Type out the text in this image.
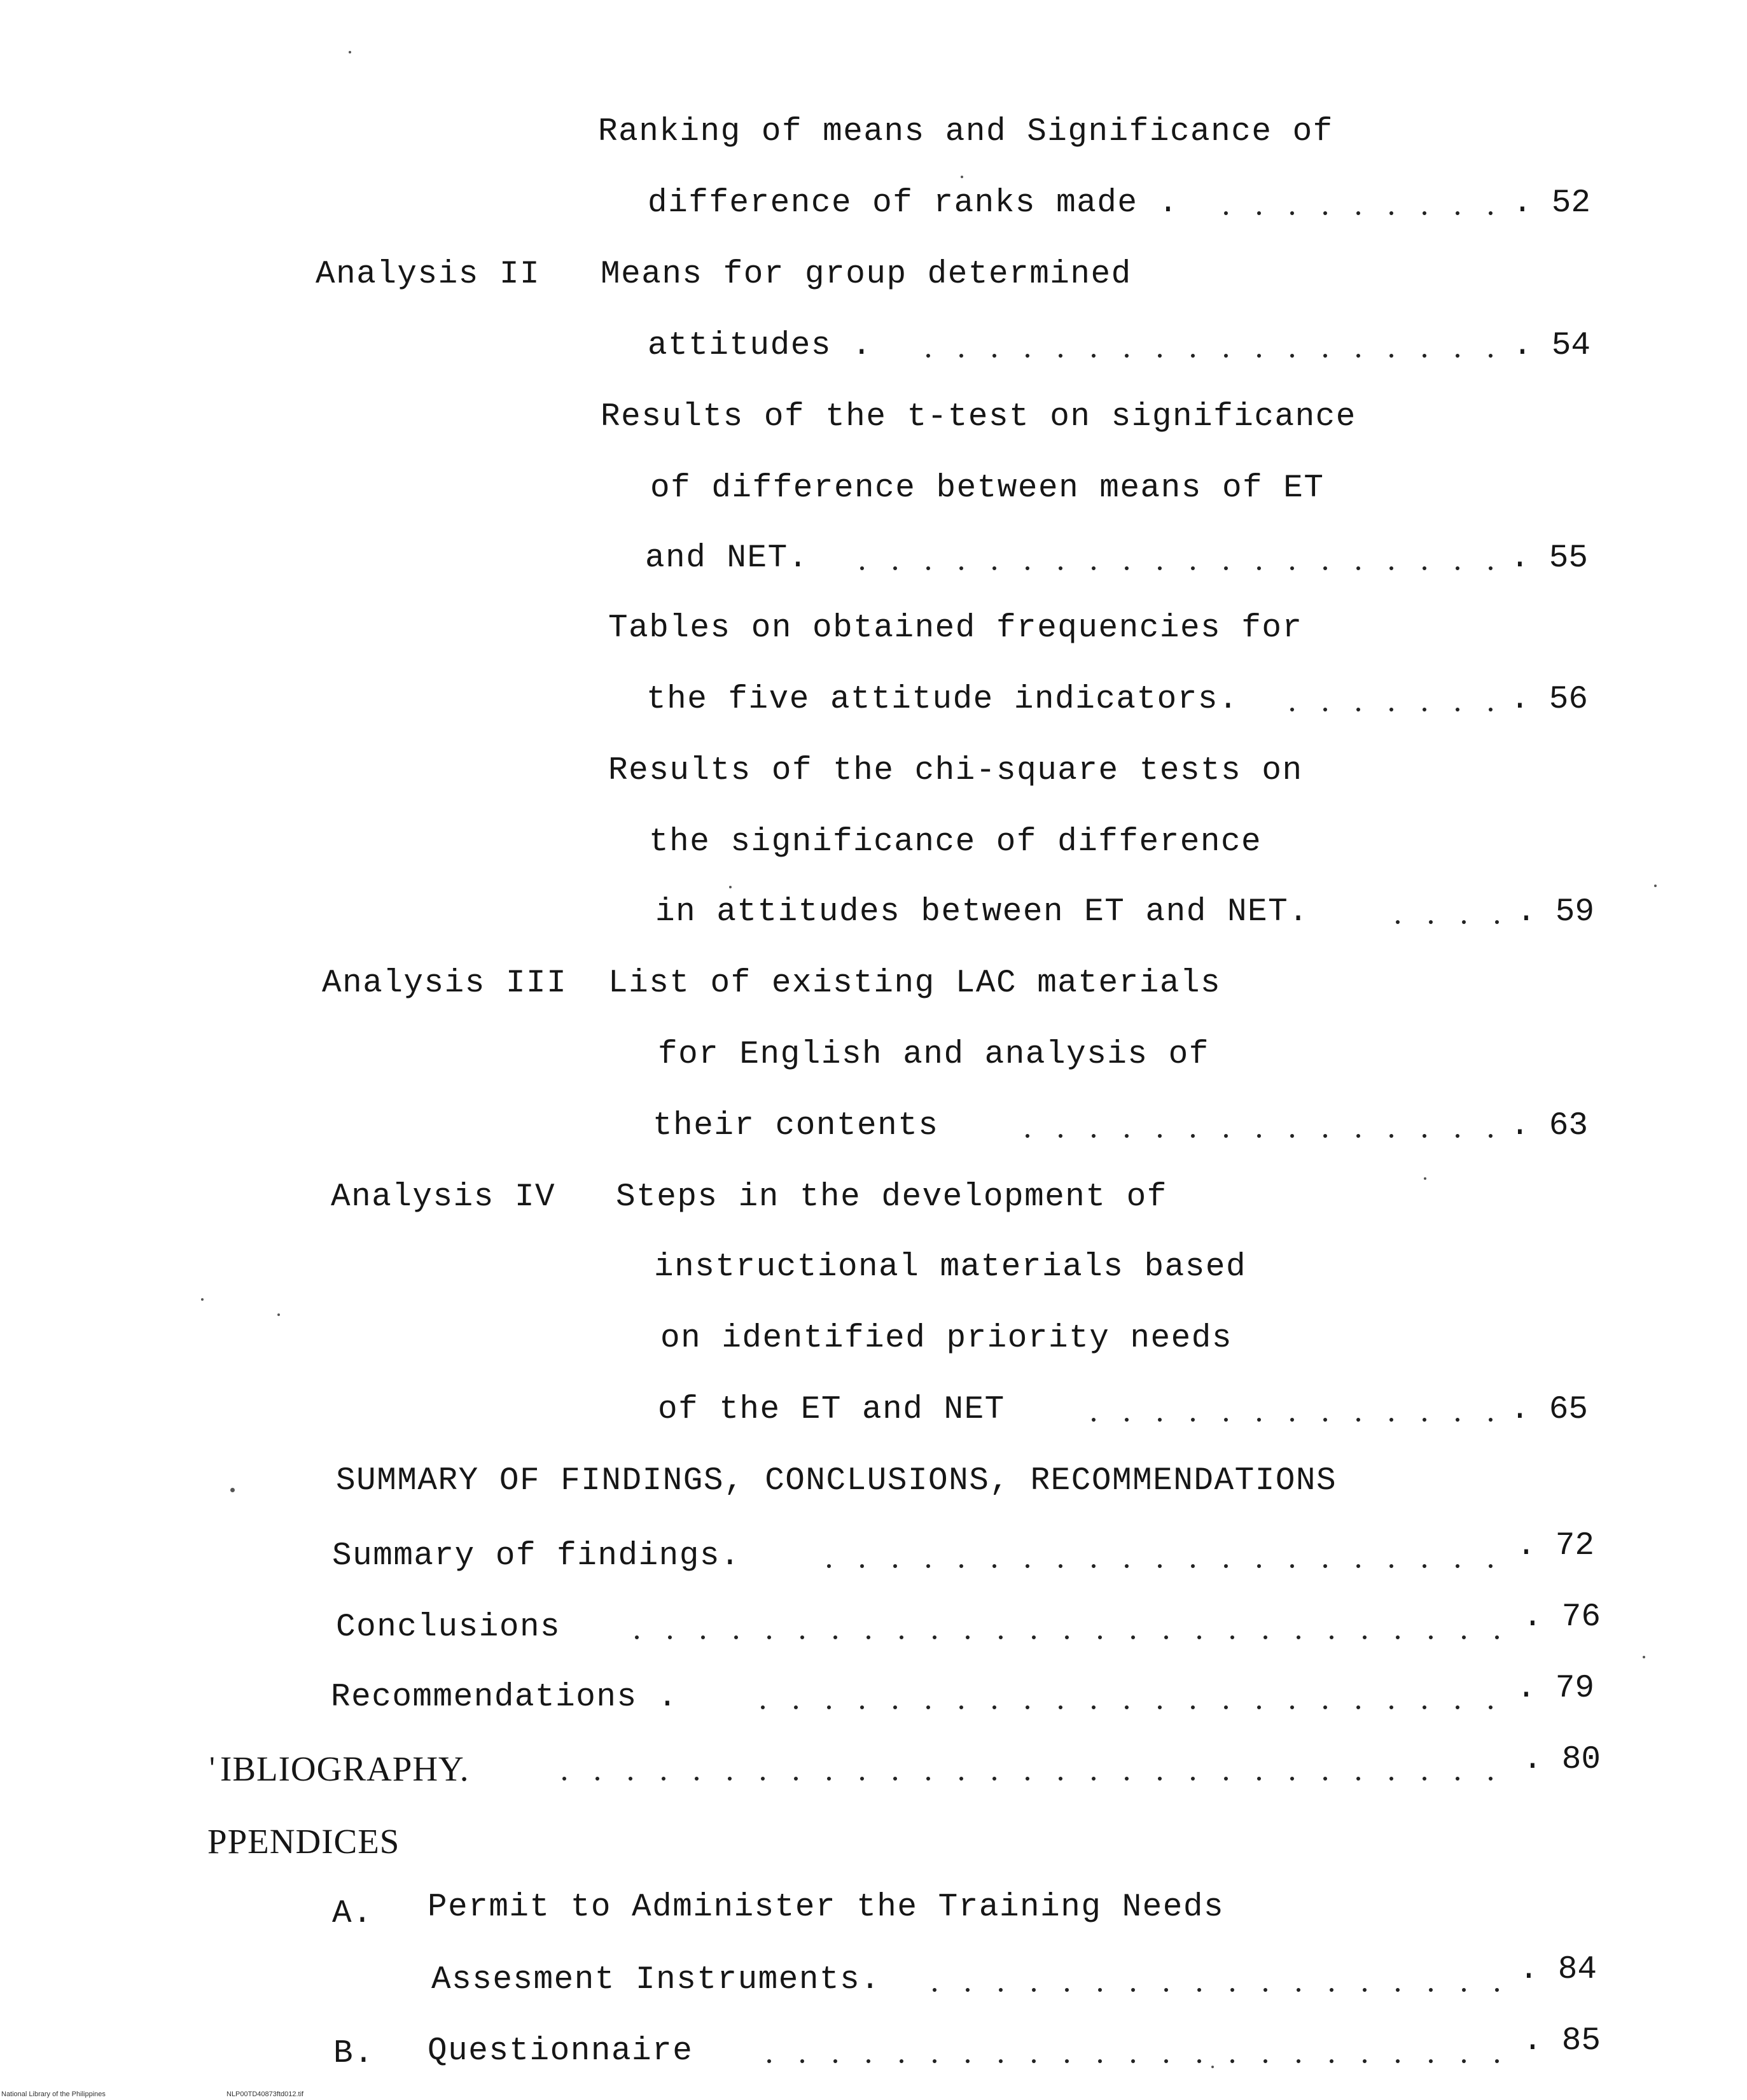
Ranking of means and Significance of
difference of ranks made .	. 52
Analysis II Means for group determined
attitudes .	. 54
Results of the t-test on significance
of difference between means of ET
and NET.	. 55
Tables on obtained frequencies for
the five attitude indicators.	. 56
Results of the chi-square tests on
the significance of difference
in attitudes between ET and NET.	. 59
Analysis III List of existing LAC materials
for English and analysis of
their contents	. 63
Analysis IV Steps in the development of
instructional materials based
on identified priority needs
of the ET and NET	. 65
SUMMARY OF FINDINGS, CONCLUSIONS, RECOMMENDATIONS
Summary of findings.	. 72
Conclusions	. 76
Recommendations .	. 79
' IBLIOGRAPHY.	. 80
PPENDICES
A. Permit to Administer the Training Needs
Assesment Instruments.	. 84
B. Questionnaire	. 85
National Library of the Philippines	NLP00TD40873ftd012.tif
